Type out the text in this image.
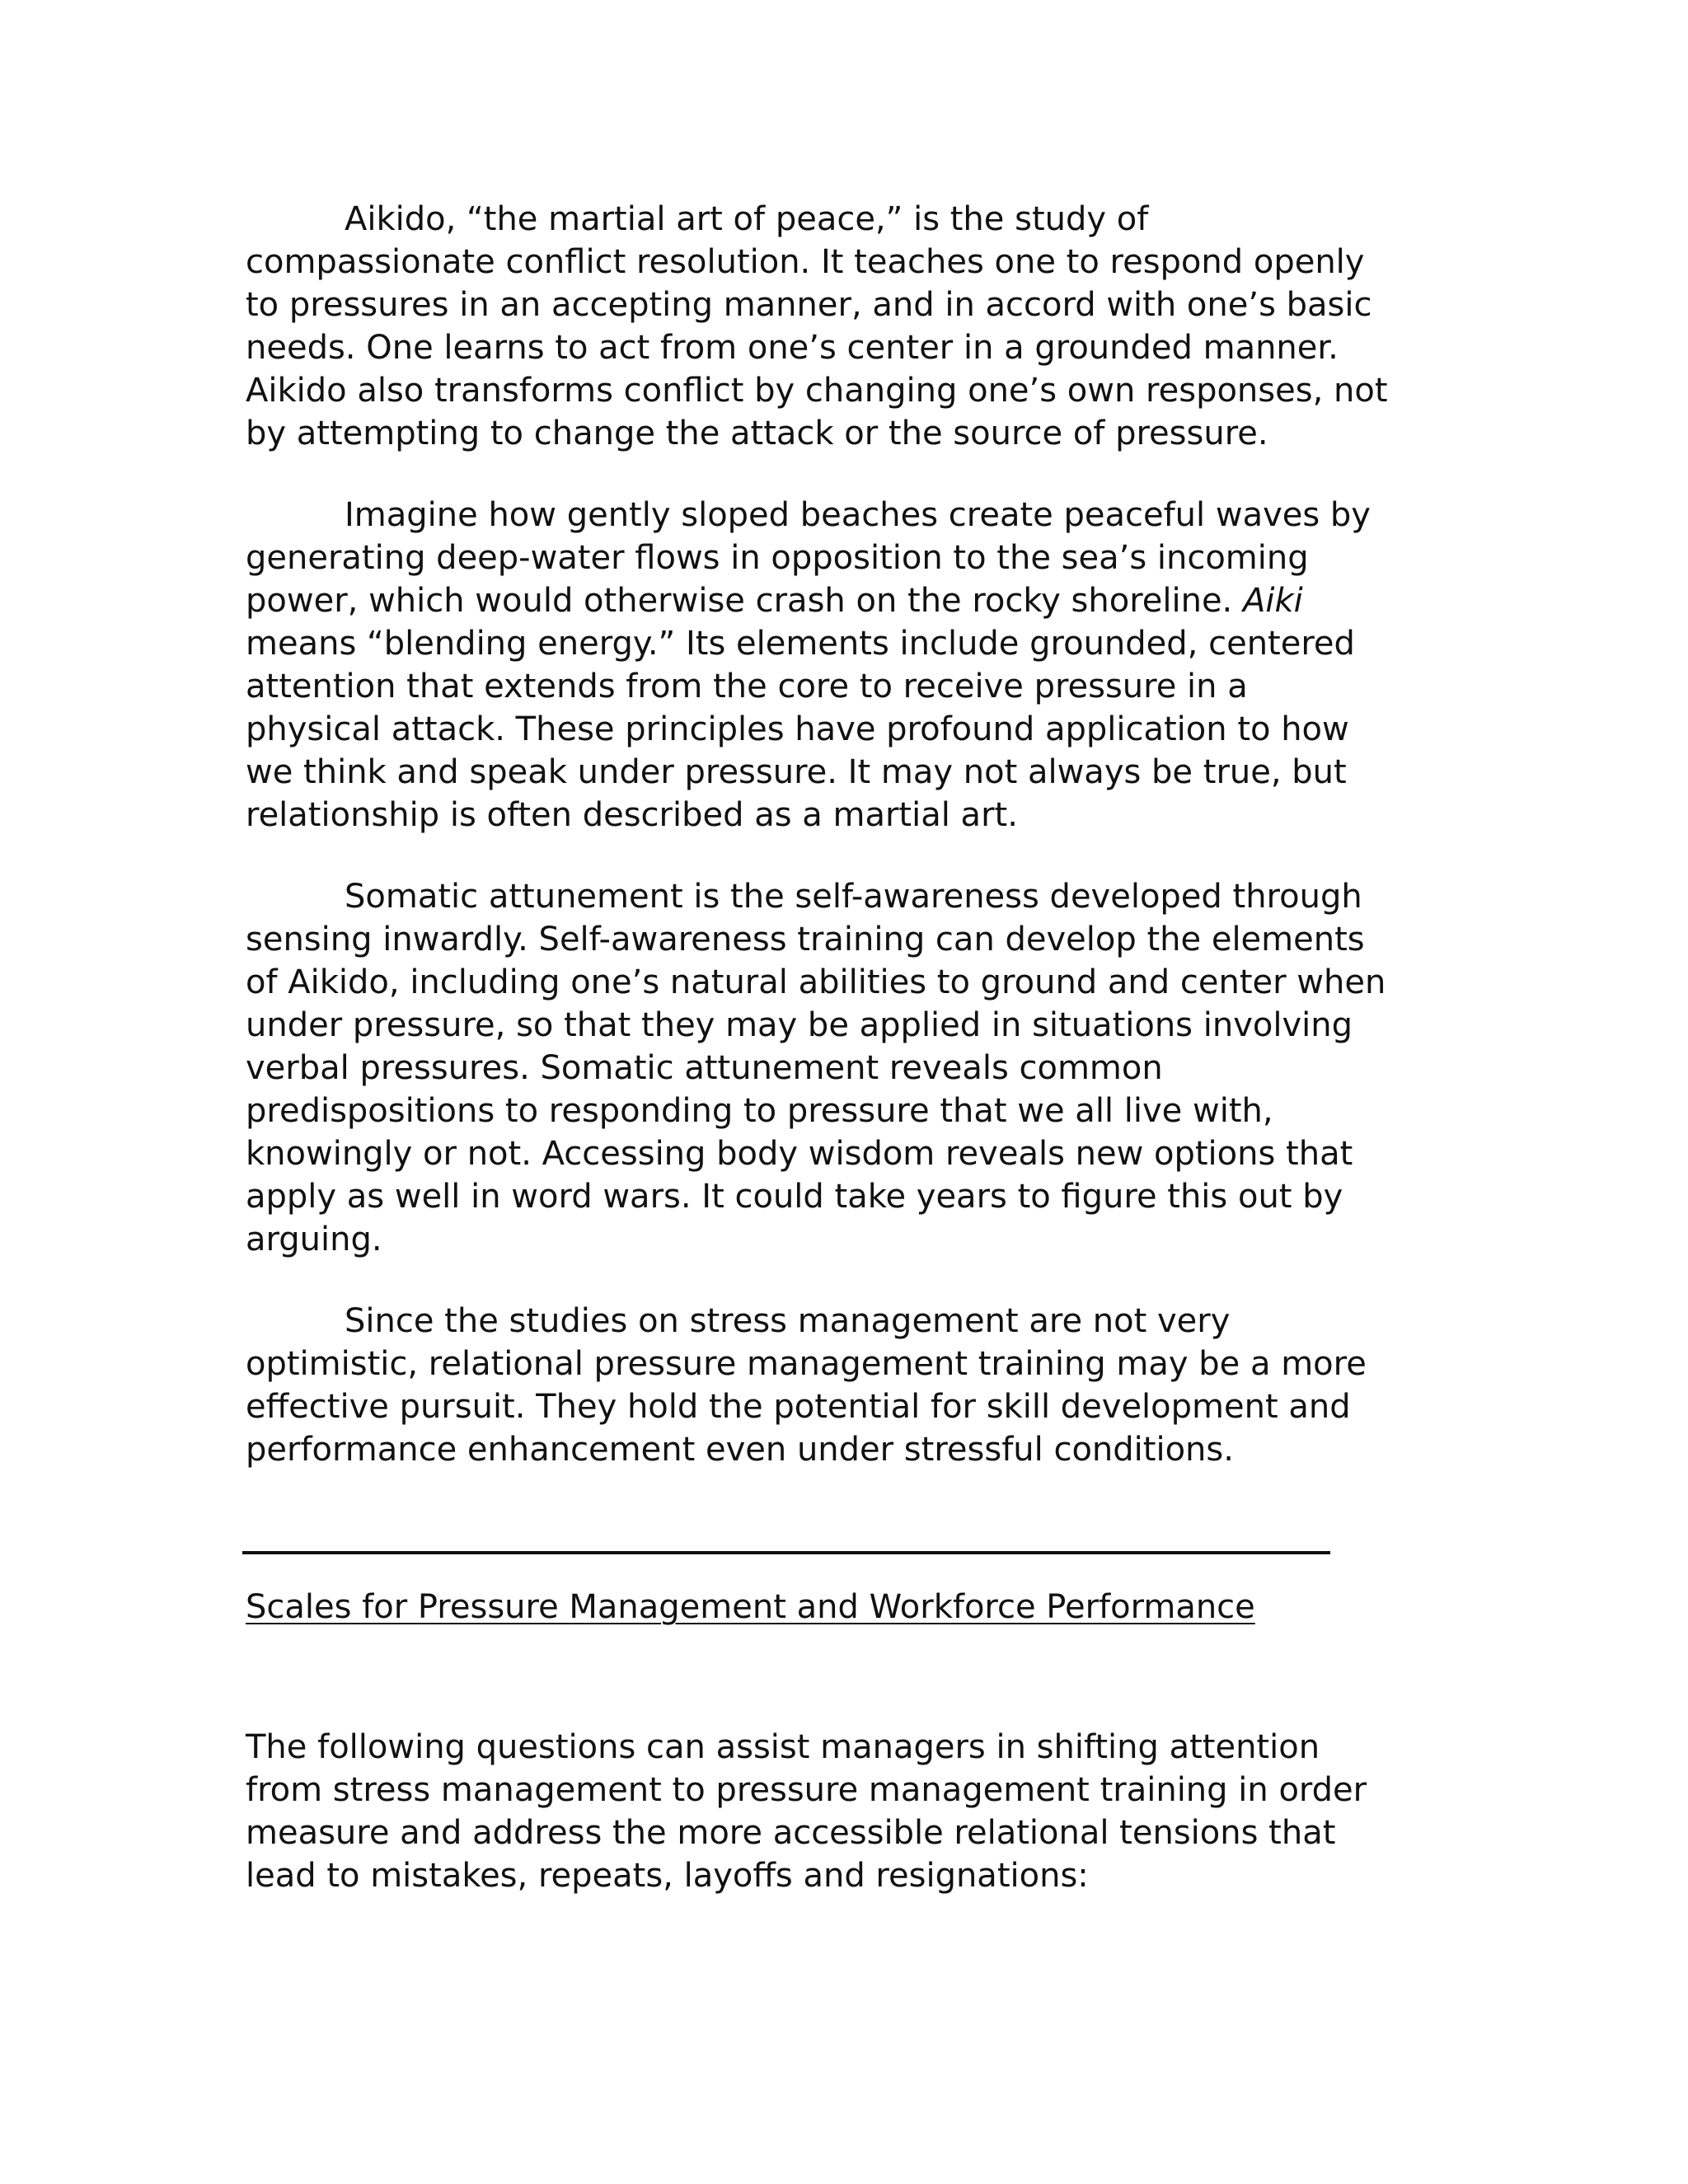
Aikido, “the martial art of peace,” is the study of
compassionate conflict resolution. It teaches one to respond openly
to pressures in an accepting manner, and in accord with one’s basic
needs. One learns to act from one’s center in a grounded manner.
Aikido also transforms conflict by changing one’s own responses, not
by attempting to change the attack or the source of pressure.

Imagine how gently sloped beaches create peaceful waves by
generating deep-water flows in opposition to the sea’s incoming
power, which would otherwise crash on the rocky shoreline. Aiki
means “blending energy.” Its elements include grounded, centered
attention that extends from the core to receive pressure in a
physical attack. These principles have profound application to how
we think and speak under pressure. It may not always be true, but
relationship is often described as a martial art.

Somatic attunement is the self-awareness developed through
sensing inwardly. Self-awareness training can develop the elements
of Aikido, including one’s natural abilities to ground and center when
under pressure, so that they may be applied in situations involving
verbal pressures. Somatic attunement reveals common
predispositions to responding to pressure that we all live with,
knowingly or not. Accessing body wisdom reveals new options that
apply as well in word wars. It could take years to figure this out by
arguing.

Since the studies on stress management are not very
optimistic, relational pressure management training may be a more
effective pursuit. They hold the potential for skill development and
performance enhancement even under stressful conditions.

Scales for Pressure Management and Workforce Performance

The following questions can assist managers in shifting attention
from stress management to pressure management training in order
measure and address the more accessible relational tensions that
lead to mistakes, repeats, layoffs and resignations:
